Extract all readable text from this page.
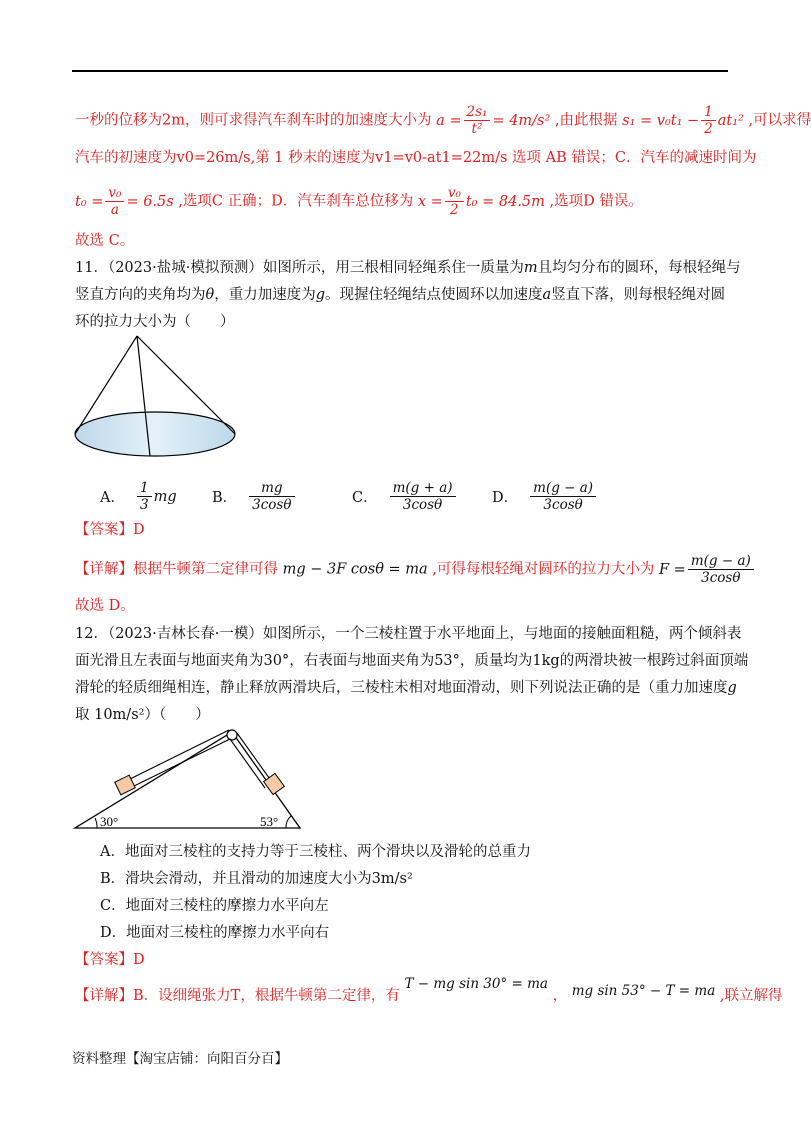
一秒的位移为2m，则可求得汽车刹车时的加速度大小为 $a = \frac{\text{2s₁}}{\text{t²}} = 4m/s^2$ ,由此根据 $s_1 = v_0t_1 - \frac{1}{2} at_1^2$ ,可以求得
汽车的初速度为v0=26m/s,第 1 秒末的速度为v1=v0-at1=22m/s 选项 AB 错误；C．汽车的减速时间为
$t_0 = \frac{\text{v₀}}{a} = 6.5s$ ,选项C 正确；D．汽车刹车总位移为 $x = \frac{\text{v₀}}{2} t_0 = 84.5m$ ,选项D 错误。
故选 C。
11．（2023·盐城·模拟预测）如图所示，用三根相同轻绳系住一质量为m且均匀分布的圆环，每根轻绳与
竖直方向的夹角均为θ，重力加速度为g。现握住轻绳结点使圆环以加速度a竖直下落，则每根轻绳对圆
环的拉力大小为（　　）
A． $\frac{1}{3}$ mg B． $\frac{mg}{3\cos\theta}$	C． $\frac{m(g + a)}{3\cos\theta}$	D． $\frac{m(g - a)}{3\cos\theta}$
【答案】D
【详解】根据牛顿第二定律可得 mg − 3F cosθ = ma ,可得每根轻绳对圆环的拉力大小为 $F = \frac{m(g - a)}{3\cos\theta}$
故选 D。
12．（2023·吉林长春·一模）如图所示，一个三棱柱置于水平地面上，与地面的接触面粗糙，两个倾斜表
面光滑且左表面与地面夹角为30°，右表面与地面夹角为53°，质量均为1kg的两滑块被一根跨过斜面顶端
滑轮的轻质细绳相连，静止释放两滑块后，三棱柱未相对地面滑动，则下列说法正确的是（重力加速度g
取 10m/s²）（　　）
30°	53°
A．地面对三棱柱的支持力等于三棱柱、两个滑块以及滑轮的总重力
B．滑块会滑动，并且滑动的加速度大小为3m/s²
C．地面对三棱柱的摩擦力水平向左
D．地面对三棱柱的摩擦力水平向右
【答案】D
【详解】B．设细绳张力T，根据牛顿第二定律，有 T − mg sin 30° = ma ， mg sin 53° − T = ma ,联立解得
资料整理【淘宝店铺：向阳百分百】
